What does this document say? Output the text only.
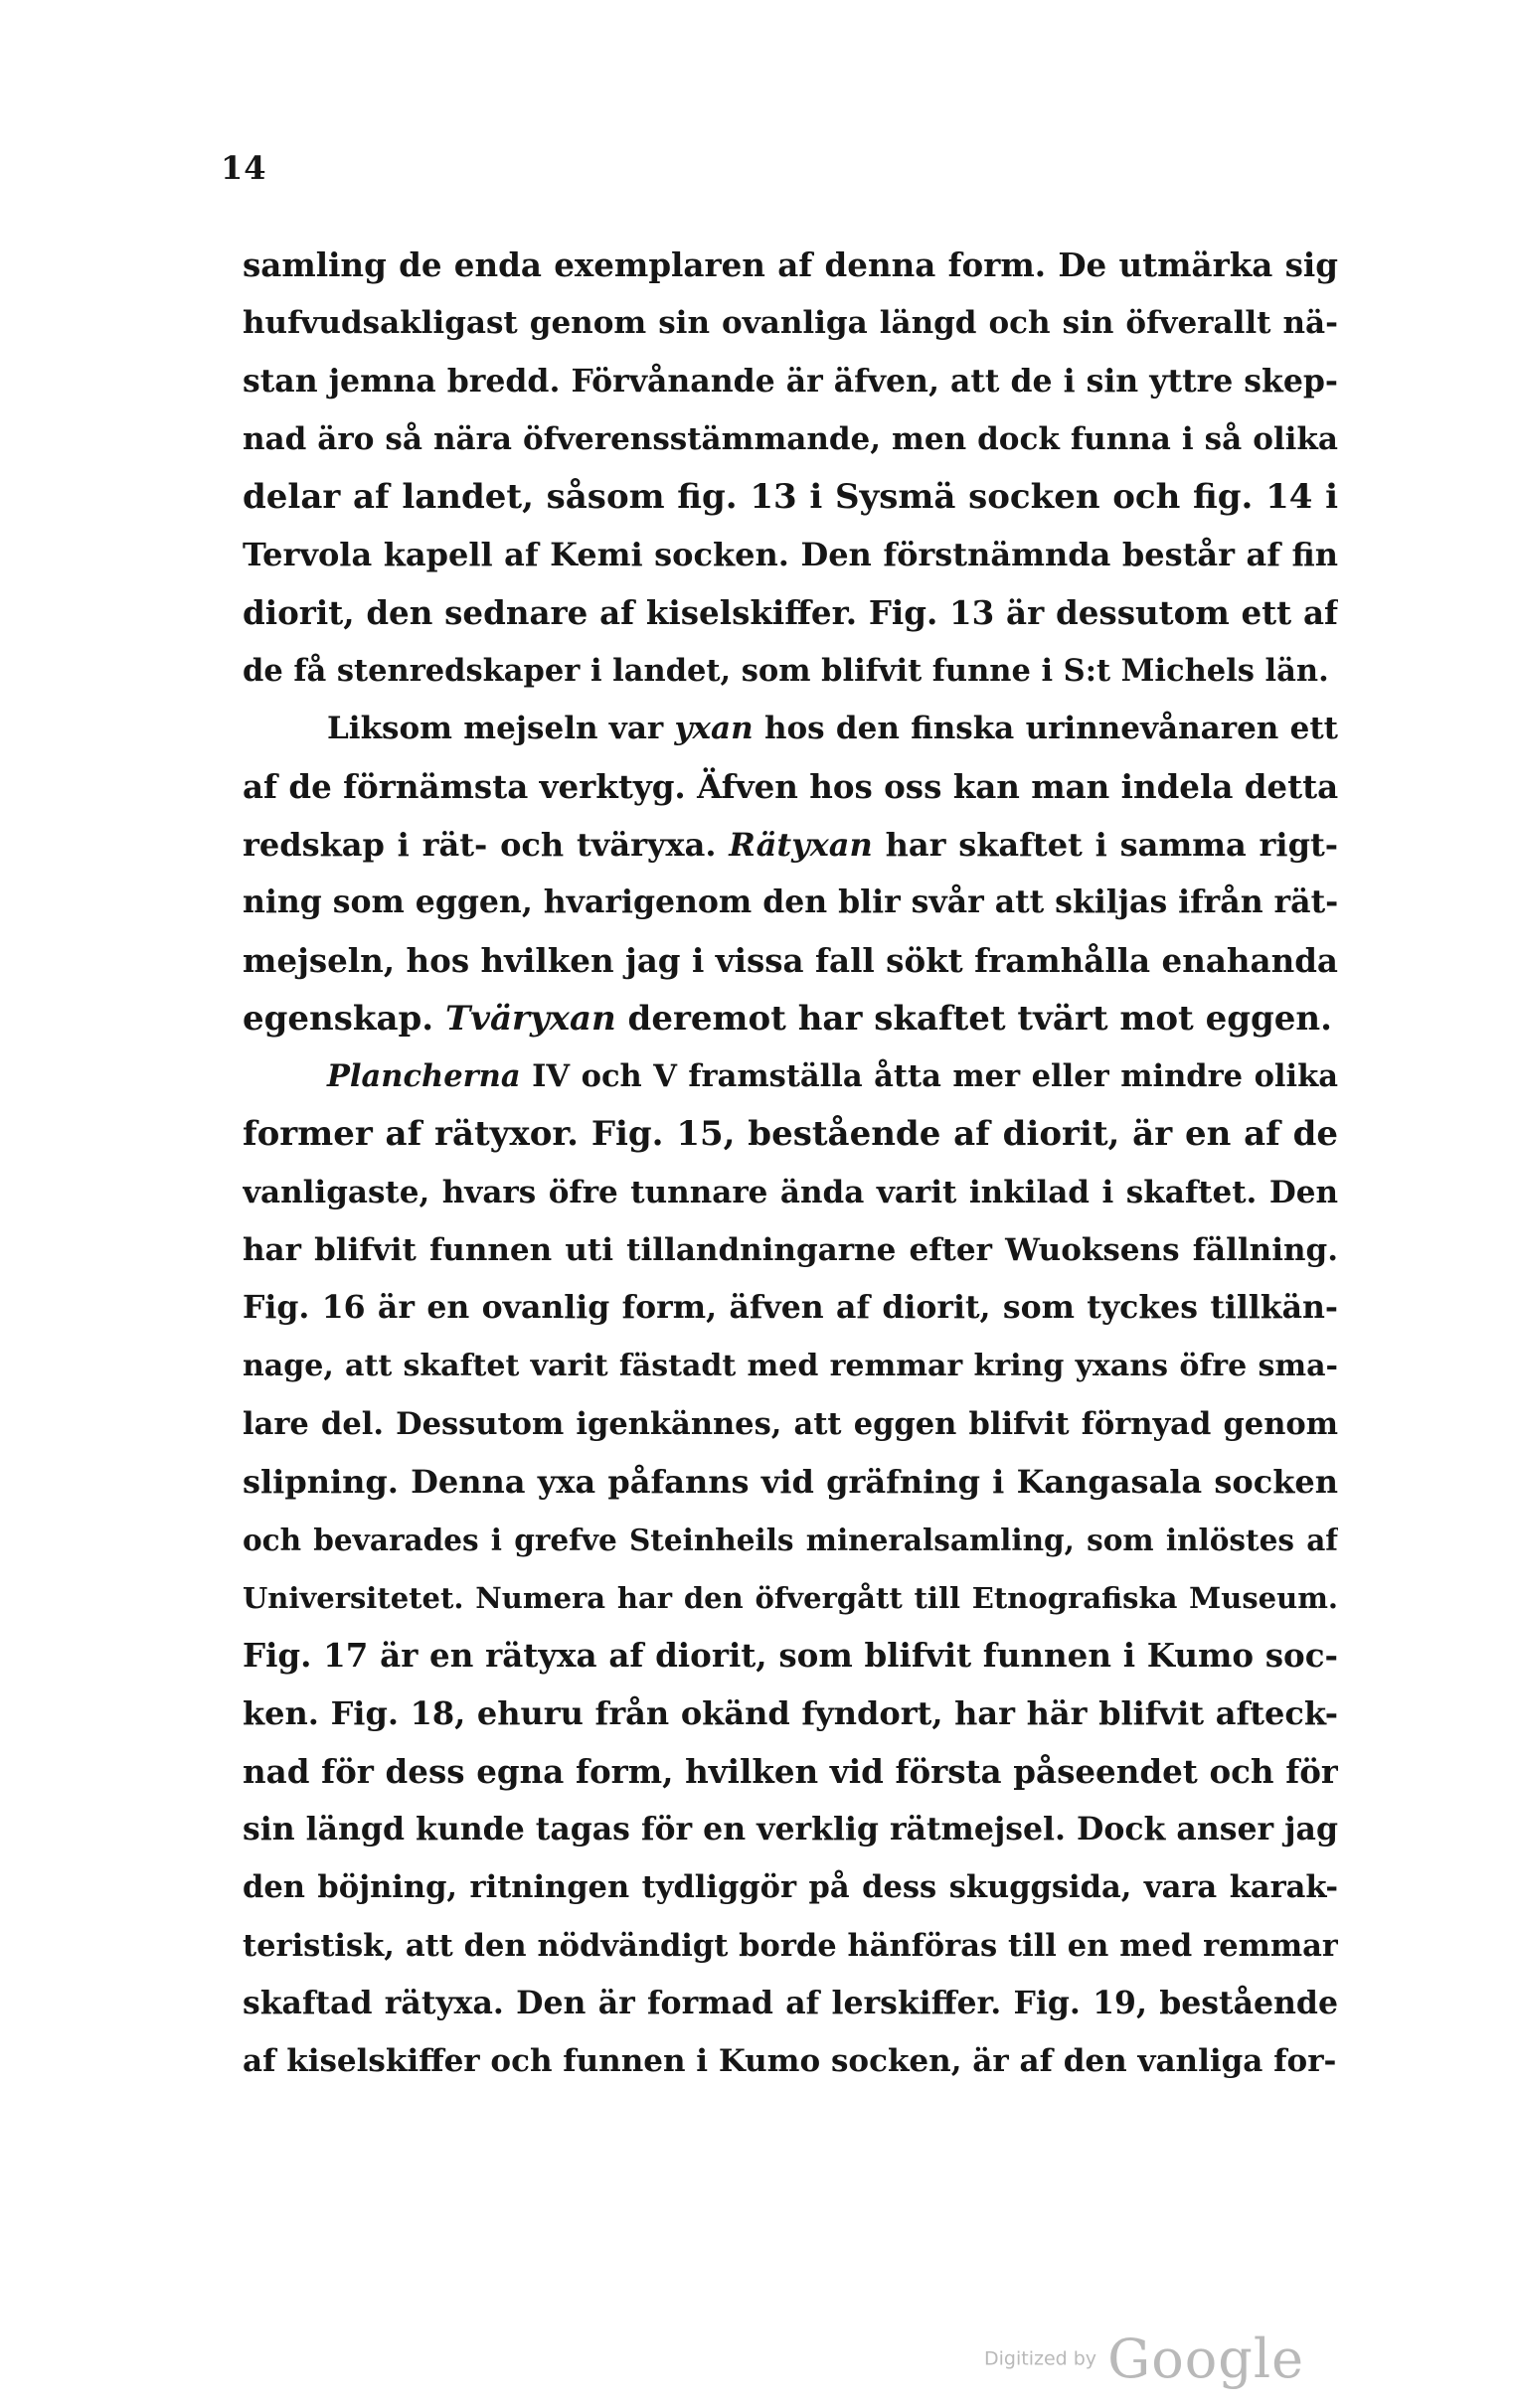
14
samling de enda exemplaren af denna form. De utmärka sig
hufvudsakligast genom sin ovanliga längd och sin öfverallt nä-
stan jemna bredd. Förvånande är äfven, att de i sin yttre skep-
nad äro så nära öfverensstämmande, men dock funna i så olika
delar af landet, såsom fig. 13 i Sysmä socken och fig. 14 i
Tervola kapell af Kemi socken. Den förstnämnda består af fin
diorit, den sednare af kiselskiffer. Fig. 13 är dessutom ett af
de få stenredskaper i landet, som blifvit funne i S:t Michels län.
Liksom mejseln var yxan hos den finska urinnevånaren ett
af de förnämsta verktyg. Äfven hos oss kan man indela detta
redskap i rät- och tväryxa. Rätyxan har skaftet i samma rigt-
ning som eggen, hvarigenom den blir svår att skiljas ifrån rät-
mejseln, hos hvilken jag i vissa fall sökt framhålla enahanda
egenskap. Tväryxan deremot har skaftet tvärt mot eggen.
Plancherna IV och V framställa åtta mer eller mindre olika
former af rätyxor. Fig. 15, bestående af diorit, är en af de
vanligaste, hvars öfre tunnare ända varit inkilad i skaftet. Den
har blifvit funnen uti tillandningarne efter Wuoksens fällning.
Fig. 16 är en ovanlig form, äfven af diorit, som tyckes tillkän-
nage, att skaftet varit fästadt med remmar kring yxans öfre sma-
lare del. Dessutom igenkännes, att eggen blifvit förnyad genom
slipning. Denna yxa påfanns vid gräfning i Kangasala socken
och bevarades i grefve Steinheils mineralsamling, som inlöstes af
Universitetet. Numera har den öfvergått till Etnografiska Museum.
Fig. 17 är en rätyxa af diorit, som blifvit funnen i Kumo soc-
ken. Fig. 18, ehuru från okänd fyndort, har här blifvit afteck-
nad för dess egna form, hvilken vid första påseendet och för
sin längd kunde tagas för en verklig rätmejsel. Dock anser jag
den böjning, ritningen tydliggör på dess skuggsida, vara karak-
teristisk, att den nödvändigt borde hänföras till en med remmar
skaftad rätyxa. Den är formad af lerskiffer. Fig. 19, bestående
af kiselskiffer och funnen i Kumo socken, är af den vanliga for-
Digitized by Google
